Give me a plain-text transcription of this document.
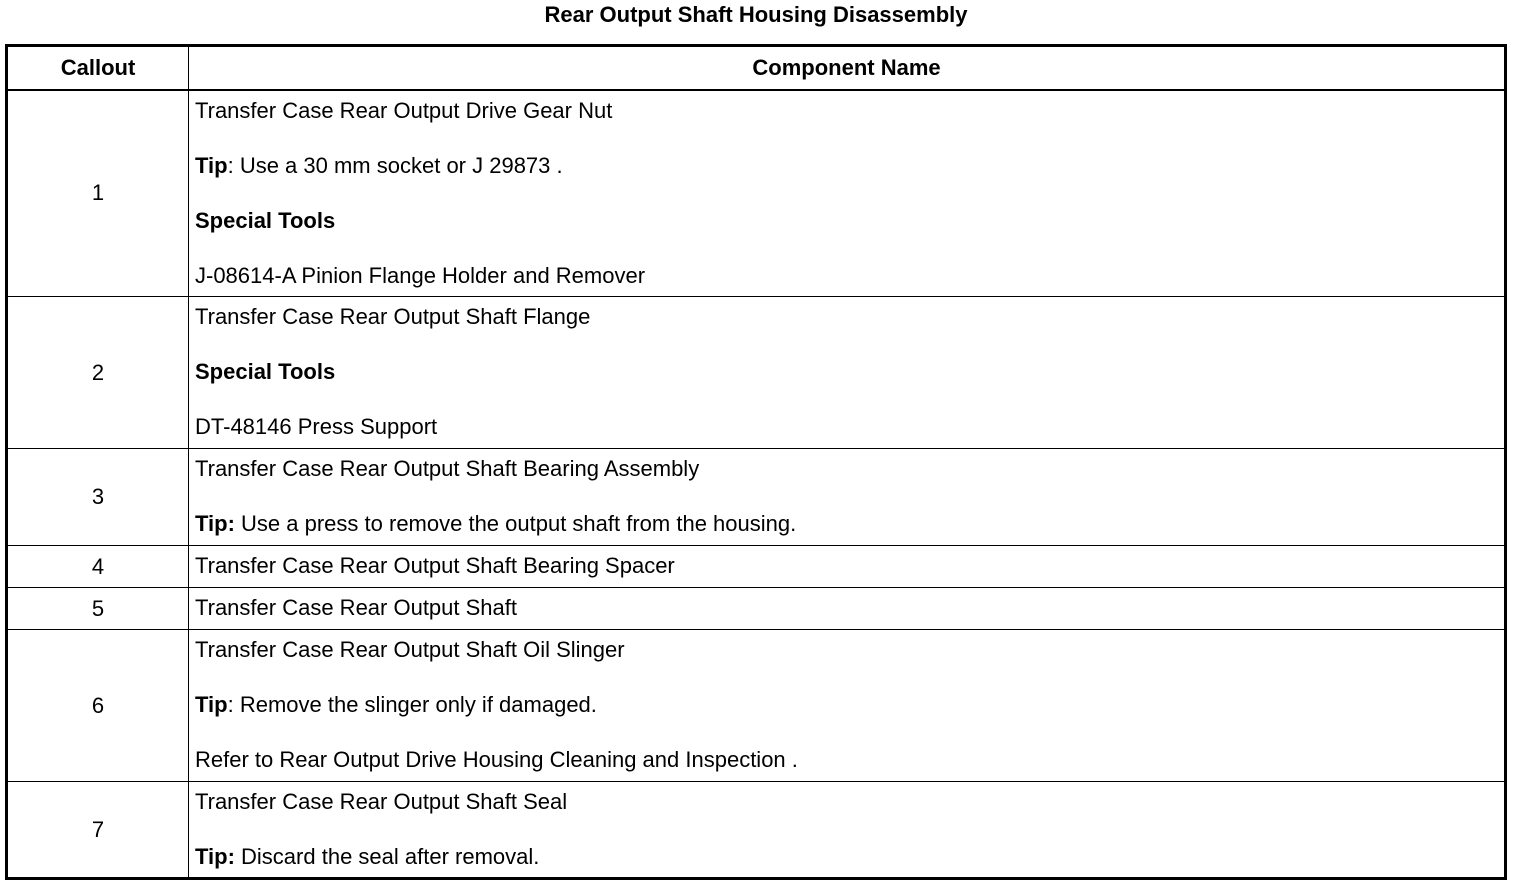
Rear Output Shaft Housing Disassembly
Callout	Component Name
1	Transfer Case Rear Output Drive Gear Nut
Tip: Use a 30 mm socket or J 29873 .
Special Tools
J-08614-A Pinion Flange Holder and Remover

2	Transfer Case Rear Output Shaft Flange
Special Tools
DT-48146 Press Support

3	Transfer Case Rear Output Shaft Bearing Assembly
Tip: Use a press to remove the output shaft from the housing.

4	Transfer Case Rear Output Shaft Bearing Spacer

5	Transfer Case Rear Output Shaft

6	Transfer Case Rear Output Shaft Oil Slinger
Tip: Remove the slinger only if damaged.
Refer to Rear Output Drive Housing Cleaning and Inspection .

7	Transfer Case Rear Output Shaft Seal
Tip: Discard the seal after removal.
